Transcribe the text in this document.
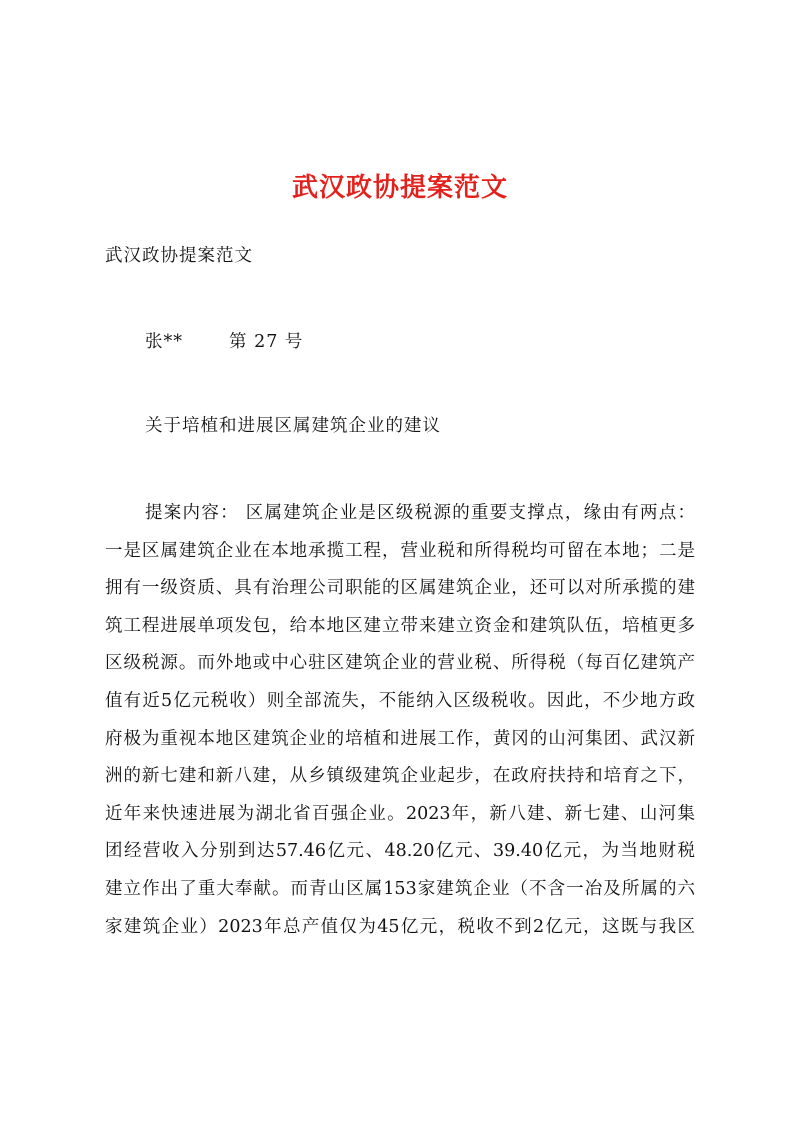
武汉政协提案范文

武汉政协提案范文

张**	第 27 号

关于培植和进展区属建筑企业的建议

提案内容： 区属建筑企业是区级税源的重要支撑点，缘由有两点：
一是区属建筑企业在本地承揽工程，营业税和所得税均可留在本地；二是
拥有一级资质、具有治理公司职能的区属建筑企业，还可以对所承揽的建
筑工程进展单项发包，给本地区建立带来建立资金和建筑队伍，培植更多
区级税源。而外地或中心驻区建筑企业的营业税、所得税（每百亿建筑产
值有近5亿元税收）则全部流失，不能纳入区级税收。因此，不少地方政
府极为重视本地区建筑企业的培植和进展工作，黄冈的山河集团、武汉新
洲的新七建和新八建，从乡镇级建筑企业起步，在政府扶持和培育之下，
近年来快速进展为湖北省百强企业。2023年，新八建、新七建、山河集
团经营收入分别到达57.46亿元、48.20亿元、39.40亿元，为当地财税
建立作出了重大奉献。而青山区属153家建筑企业（不含一冶及所属的六
家建筑企业）2023年总产值仅为45亿元，税收不到2亿元，这既与我区
